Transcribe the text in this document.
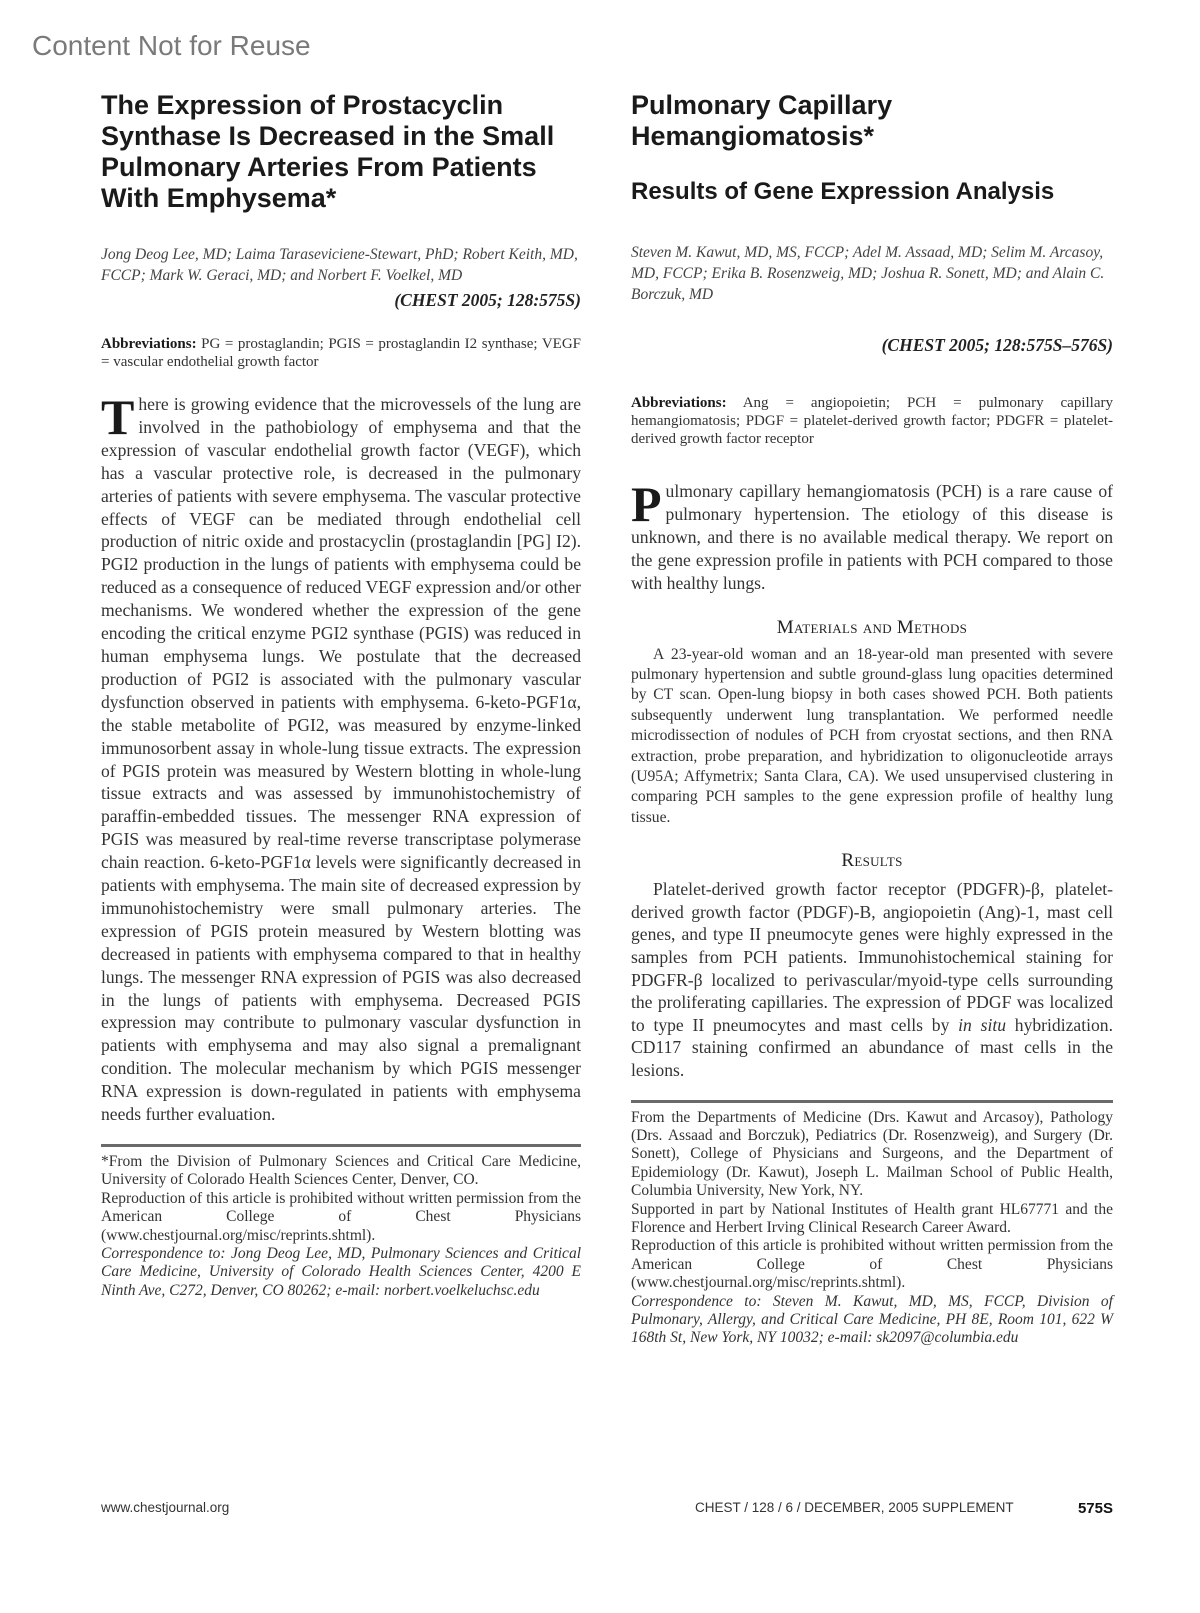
Content Not for Reuse
The Expression of Prostacyclin Synthase Is Decreased in the Small Pulmonary Arteries From Patients With Emphysema*
Jong Deog Lee, MD; Laima Taraseviciene-Stewart, PhD; Robert Keith, MD, FCCP; Mark W. Geraci, MD; and Norbert F. Voelkel, MD
(CHEST 2005; 128:575S)
Abbreviations: PG = prostaglandin; PGIS = prostaglandin I2 synthase; VEGF = vascular endothelial growth factor
T here is growing evidence that the microvessels of the lung are involved in the pathobiology of emphysema and that the expression of vascular endothelial growth factor (VEGF), which has a vascular protective role, is decreased in the pulmonary arteries of patients with severe emphysema. The vascular protective effects of VEGF can be mediated through endothelial cell production of nitric oxide and prostacyclin (prostaglandin [PG] I2). PGI2 production in the lungs of patients with emphysema could be reduced as a consequence of reduced VEGF expression and/or other mechanisms. We wondered whether the expression of the gene encoding the critical enzyme PGI2 synthase (PGIS) was reduced in human emphysema lungs. We postulate that the decreased production of PGI2 is associated with the pulmonary vascular dysfunction observed in patients with emphysema. 6-keto-PGF1α, the stable metabolite of PGI2, was measured by enzyme-linked immunosorbent assay in whole-lung tissue extracts. The expression of PGIS protein was measured by Western blotting in whole-lung tissue extracts and was assessed by immunohistochemistry of paraffin-embedded tissues. The messenger RNA expression of PGIS was measured by real-time reverse transcriptase polymerase chain reaction. 6-keto-PGF1α levels were significantly decreased in patients with emphysema. The main site of decreased expression by immunohistochemistry were small pulmonary arteries. The expression of PGIS protein measured by Western blotting was decreased in patients with emphysema compared to that in healthy lungs. The messenger RNA expression of PGIS was also decreased in the lungs of patients with emphysema. Decreased PGIS expression may contribute to pulmonary vascular dysfunction in patients with emphysema and may also signal a premalignant condition. The molecular mechanism by which PGIS messenger RNA expression is down-regulated in patients with emphysema needs further evaluation.

*From the Division of Pulmonary Sciences and Critical Care Medicine, University of Colorado Health Sciences Center, Denver, CO.

Reproduction of this article is prohibited without written permission from the American College of Chest Physicians (www.chestjournal.org/misc/reprints.shtml).

Correspondence to: Jong Deog Lee, MD, Pulmonary Sciences and Critical Care Medicine, University of Colorado Health Sciences Center, 4200 E Ninth Ave, C272, Denver, CO 80262; e-mail: norbert.voelkeluchsc.edu

Pulmonary Capillary Hemangiomatosis*
Results of Gene Expression Analysis
Steven M. Kawut, MD, MS, FCCP; Adel M. Assaad, MD; Selim M. Arcasoy, MD, FCCP; Erika B. Rosenzweig, MD; Joshua R. Sonett, MD; and Alain C. Borczuk, MD
(CHEST 2005; 128:575S–576S)
Abbreviations: Ang = angiopoietin; PCH = pulmonary capillary hemangiomatosis; PDGF = platelet-derived growth factor; PDGFR = platelet-derived growth factor receptor
P ulmonary capillary hemangiomatosis (PCH) is a rare cause of pulmonary hypertension. The etiology of this disease is unknown, and there is no available medical therapy. We report on the gene expression profile in patients with PCH compared to those with healthy lungs.
Materials and Methods

A 23-year-old woman and an 18-year-old man presented with severe pulmonary hypertension and subtle ground-glass lung opacities determined by CT scan. Open-lung biopsy in both cases showed PCH. Both patients subsequently underwent lung transplantation. We performed needle microdissection of nodules of PCH from cryostat sections, and then RNA extraction, probe preparation, and hybridization to oligonucleotide arrays (U95A; Affymetrix; Santa Clara, CA). We used unsupervised clustering in comparing PCH samples to the gene expression profile of healthy lung tissue.

Results

Platelet-derived growth factor receptor (PDGFR)-β, platelet-derived growth factor (PDGF)-B, angiopoietin (Ang)-1, mast cell genes, and type II pneumocyte genes were highly expressed in the samples from PCH patients. Immunohistochemical staining for PDGFR-β localized to perivascular/myoid-type cells surrounding the proliferating capillaries. The expression of PDGF was localized to type II pneumocytes and mast cells by in situ hybridization. CD117 staining confirmed an abundance of mast cells in the lesions.

From the Departments of Medicine (Drs. Kawut and Arcasoy), Pathology (Drs. Assaad and Borczuk), Pediatrics (Dr. Rosenzweig), and Surgery (Dr. Sonett), College of Physicians and Surgeons, and the Department of Epidemiology (Dr. Kawut), Joseph L. Mailman School of Public Health, Columbia University, New York, NY.

Supported in part by National Institutes of Health grant HL67771 and the Florence and Herbert Irving Clinical Research Career Award.

Reproduction of this article is prohibited without written permission from the American College of Chest Physicians (www.chestjournal.org/misc/reprints.shtml).

Correspondence to: Steven M. Kawut, MD, MS, FCCP, Division of Pulmonary, Allergy, and Critical Care Medicine, PH 8E, Room 101, 622 W 168th St, New York, NY 10032; e-mail: sk2097@columbia.edu

www.chestjournal.org	CHEST / 128 / 6 / DECEMBER, 2005 SUPPLEMENT	575S
